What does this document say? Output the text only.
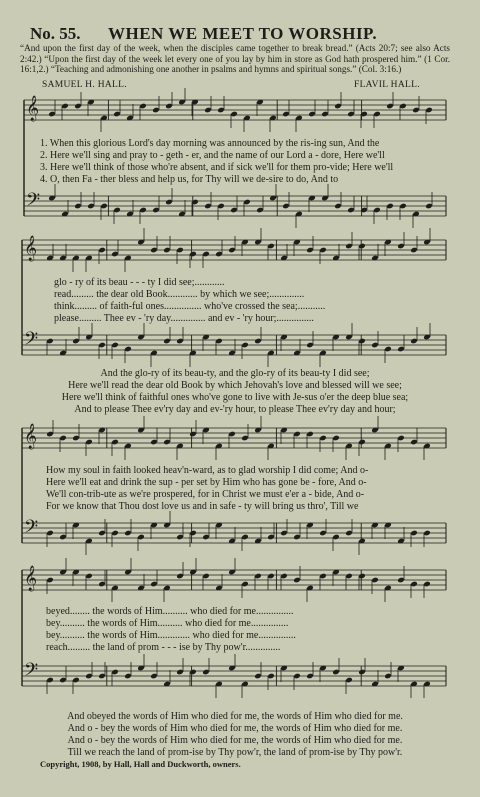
No. 55. WHEN WE MEET TO WORSHIP.
“And upon the first day of the week, when the disciples came together to break bread.” (Acts 20:7; see also Acts 2:42.) “Upon the first day of the week let every one of you lay by him in store as God hath prospered him.” (1 Cor. 16:1,2.) “Teaching and admonishing one another in psalms and hymns and spiritual songs.” (Col. 3:16.)
SAMUEL H. HALL.	FLAVIL HALL.
𝄞
𝄢
𝄞
𝄢
𝄞
𝄢
𝄞
𝄢
1. When this glorious Lord's day morning was announced by the ris-ing sun, And the
2. Here we'll sing and pray to - geth - er, and the name of our Lord a - dore, Here we'll
3. Here we'll think of those who're absent, and if sick we'll for them pro-vide; Here we'll
4. O, then Fa - ther bless and help us, for Thy will we de-sire to do, And to
glo - ry of its beau - - - ty I did see;............
read......... the dear old Book............ by which we see;..............
think......... of faith-ful ones............... who've crossed the sea;...........
please......... Thee ev - 'ry day.............. and ev - 'ry hour;...............
And the glo-ry of its beau-ty, and the glo-ry of its beau-ty I did see;
Here we'll read the dear old Book by which Jehovah's love and blessed will we see;
Here we'll think of faithful ones who've gone to live with Je-sus o'er the deep blue sea;
And to please Thee ev'ry day and ev-'ry hour, to please Thee ev'ry day and hour;
How my soul in faith looked heav'n-ward, as to glad worship I did come; And o-
Here we'll eat and drink the sup - per set by Him who has gone be - fore, And o-
We'll con-trib-ute as we're prospered, for in Christ we must e'er a - bide, And o-
For we know that Thou dost love us and in safe - ty will bring us thro', Till we
beyed........ the words of Him.......... who died for me...............
bey.......... the words of Him.......... who died for me...............
bey.......... the words of Him............. who died for me...............
reach......... the land of prom - - - ise by Thy pow'r..............
And obeyed the words of Him who died for me, the words of Him who died for me.
And o - bey the words of Him who died for me, the words of Him who died for me.
And o - bey the words of Him who died for me, the words of Him who died for me.
Till we reach the land of prom-ise by Thy pow'r, the land of prom-ise by Thy pow'r.
Copyright, 1908, by Hall, Hall and Duckworth, owners.
